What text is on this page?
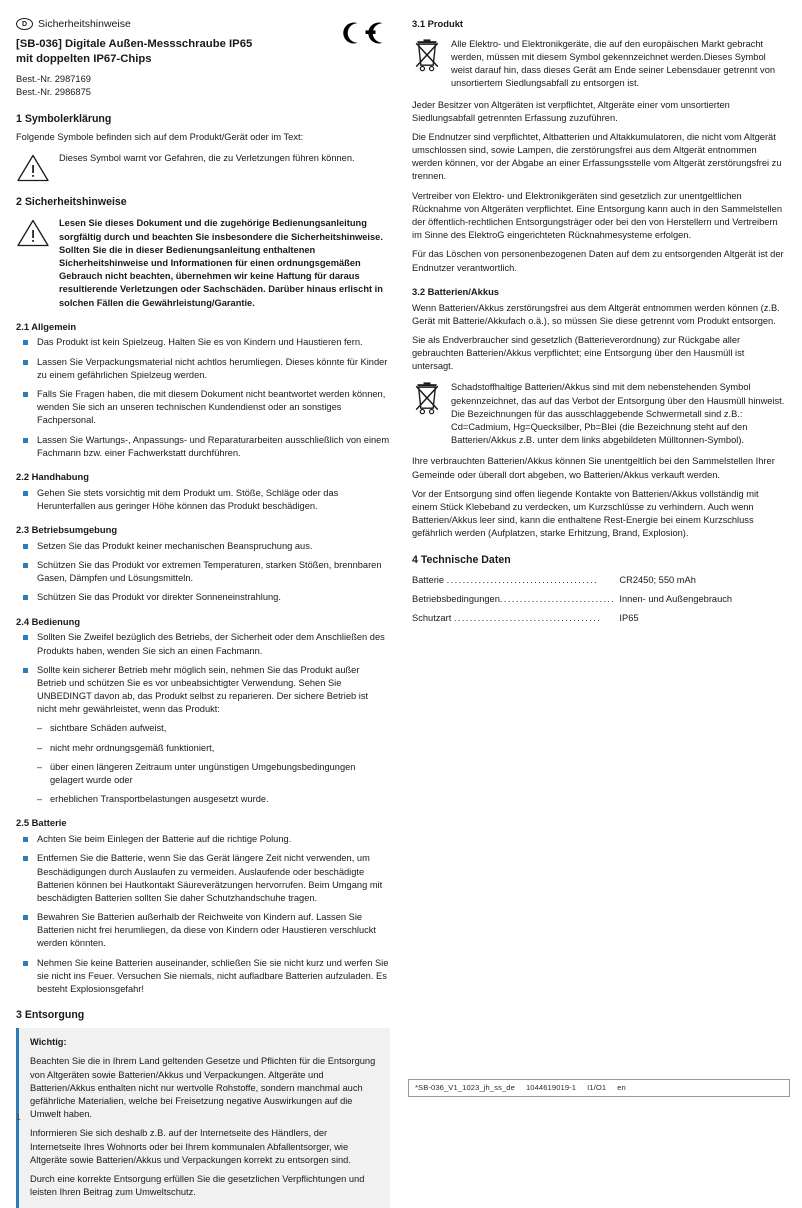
D	Sicherheitshinweise
[SB-036] Digitale Außen-Messschraube IP65
mit doppelten IP67-Chips
Best.-Nr. 2987169
Best.-Nr. 2986875
1 Symbolerklärung

Folgende Symbole befinden sich auf dem Produkt/Gerät oder im Text:

Dieses Symbol warnt vor Gefahren, die zu Verletzungen führen können.
2 Sicherheitshinweise
Lesen Sie dieses Dokument und die zugehörige Bedienungsanleitung sorgfältig durch und beachten Sie insbesondere die Sicherheitshinweise. Sollten Sie die in dieser Bedienungsanleitung enthaltenen Sicherheitshinweise und Informationen für einen ordnungsgemäßen Gebrauch nicht beachten, übernehmen wir keine Haftung für daraus resultierende Verletzungen oder Sachschäden. Darüber hinaus erlischt in solchen Fällen die Gewährleistung/Garantie.
2.1 Allgemein
Das Produkt ist kein Spielzeug. Halten Sie es von Kindern und Haustieren fern.
Lassen Sie Verpackungsmaterial nicht achtlos herumliegen. Dieses könnte für Kinder zu einem gefährlichen Spielzeug werden.
Falls Sie Fragen haben, die mit diesem Dokument nicht beantwortet werden können, wenden Sie sich an unseren technischen Kundendienst oder an sonstiges Fachpersonal.
Lassen Sie Wartungs-, Anpassungs- und Reparaturarbeiten ausschließlich von einem Fachmann bzw. einer Fachwerkstatt durchführen.
2.2 Handhabung
Gehen Sie stets vorsichtig mit dem Produkt um. Stöße, Schläge oder das Herunterfallen aus geringer Höhe können das Produkt beschädigen.
2.3 Betriebsumgebung
Setzen Sie das Produkt keiner mechanischen Beanspruchung aus.
Schützen Sie das Produkt vor extremen Temperaturen, starken Stößen, brennbaren Gasen, Dämpfen und Lösungsmitteln.
Schützen Sie das Produkt vor direkter Sonneneinstrahlung.
2.4 Bedienung
Sollten Sie Zweifel bezüglich des Betriebs, der Sicherheit oder dem Anschließen des Produkts haben, wenden Sie sich an einen Fachmann.
Sollte kein sicherer Betrieb mehr möglich sein, nehmen Sie das Produkt außer Betrieb und schützen Sie es vor unbeabsichtigter Verwendung. Sehen Sie UNBEDINGT davon ab, das Produkt selbst zu reparieren. Der sichere Betrieb ist nicht mehr gewährleistet, wenn das Produkt:
– sichtbare Schäden aufweist,
– nicht mehr ordnungsgemäß funktioniert,
– über einen längeren Zeitraum unter ungünstigen Umgebungsbedingungen gelagert wurde oder
– erheblichen Transportbelastungen ausgesetzt wurde.
2.5 Batterie
Achten Sie beim Einlegen der Batterie auf die richtige Polung.
Entfernen Sie die Batterie, wenn Sie das Gerät längere Zeit nicht verwenden, um Beschädigungen durch Auslaufen zu vermeiden. Auslaufende oder beschädigte Batterien können bei Hautkontakt Säureverätzungen hervorrufen. Beim Umgang mit beschädigten Batterien sollten Sie daher Schutzhandschuhe tragen.
Bewahren Sie Batterien außerhalb der Reichweite von Kindern auf. Lassen Sie Batterien nicht frei herumliegen, da diese von Kindern oder Haustieren verschluckt werden könnten.
Nehmen Sie keine Batterien auseinander, schließen Sie sie nicht kurz und werfen Sie sie nicht ins Feuer. Versuchen Sie niemals, nicht aufladbare Batterien aufzuladen. Es besteht Explosionsgefahr!
3 Entsorgung

Wichtig:

Beachten Sie die in Ihrem Land geltenden Gesetze und Pflichten für die Entsorgung von Altgeräten sowie Batterien/Akkus und Verpackungen. Altgeräte und Batterien/Akkus enthalten nicht nur wertvolle Rohstoffe, sondern manchmal auch gefährliche Materialien, welche bei Freisetzung negative Auswirkungen auf die Umwelt haben.

Informieren Sie sich deshalb z.B. auf der Internetseite des Händlers, der Internetseite Ihres Wohnorts oder bei Ihrem kommunalen Abfallentsorger, wie Altgeräte sowie Batterien/Akkus und Verpackungen korrekt zu entsorgen sind.

Durch eine korrekte Entsorgung erfüllen Sie die gesetzlichen Verpflichtungen und leisten Ihren Beitrag zum Umweltschutz.

3.1 Produkt
Alle Elektro- und Elektronikgeräte, die auf den europäischen Markt gebracht werden, müssen mit diesem Symbol gekennzeichnet werden.Dieses Symbol weist darauf hin, dass dieses Gerät am Ende seiner Lebensdauer getrennt von unsortiertem Siedlungsabfall zu entsorgen ist.

Jeder Besitzer von Altgeräten ist verpflichtet, Altgeräte einer vom unsortierten Siedlungsabfall getrennten Erfassung zuzuführen.

Die Endnutzer sind verpflichtet, Altbatterien und Altakkumulatoren, die nicht vom Altgerät umschlossen sind, sowie Lampen, die zerstörungsfrei aus dem Altgerät entnommen werden können, vor der Abgabe an einer Erfassungsstelle vom Altgerät zerstörungsfrei zu trennen.

Vertreiber von Elektro- und Elektronikgeräten sind gesetzlich zur unentgeltlichen Rücknahme von Altgeräten verpflichtet. Eine Entsorgung kann auch in den Sammelstellen der öffentlich-rechtlichen Entsorgungsträger oder bei den von Herstellern und Vertreibern im Sinne des ElektroG eingerichteten Rücknahmesysteme erfolgen.

Für das Löschen von personenbezogenen Daten auf dem zu entsorgenden Altgerät ist der Endnutzer verantwortlich.

3.2 Batterien/Akkus

Wenn Batterien/Akkus zerstörungsfrei aus dem Altgerät entnommen werden können (z.B. Gerät mit Batterie/Akkufach o.ä.), so müssen Sie diese getrennt vom Produkt entsorgen.

Sie als Endverbraucher sind gesetzlich (Batterieverordnung) zur Rückgabe aller gebrauchten Batterien/Akkus verpflichtet; eine Entsorgung über den Hausmüll ist untersagt.

Schadstoffhaltige Batterien/Akkus sind mit dem nebenstehenden Symbol gekennzeichnet, das auf das Verbot der Entsorgung über den Hausmüll hinweist. Die Bezeichnungen für das ausschlaggebende Schwermetall sind z.B.: Cd=Cadmium, Hg=Quecksilber, Pb=Blei (die Bezeichnung steht auf den Batterien/Akkus z.B. unter dem links abgebildeten Mülltonnen-Symbol).

Ihre verbrauchten Batterien/Akkus können Sie unentgeltlich bei den Sammelstellen Ihrer Gemeinde oder überall dort abgeben, wo Batterien/Akkus verkauft werden.

Vor der Entsorgung sind offen liegende Kontakte von Batterien/Akkus vollständig mit einem Stück Klebeband zu verdecken, um Kurzschlüsse zu verhindern. Auch wenn Batterien/Akkus leer sind, kann die enthaltene Rest-Energie bei einem Kurzschluss gefährlich werden (Aufplatzen, starke Erhitzung, Brand, Explosion).

4 Technische Daten
Batterie ......................................	CR2450; 550 mAh
Betriebsbedingungen.............................	Innen- und Außengebrauch
Schutzart .....................................	IP65
1
*SB-036_V1_1023_jh_ss_de 1044619019-1 I1/O1 en
